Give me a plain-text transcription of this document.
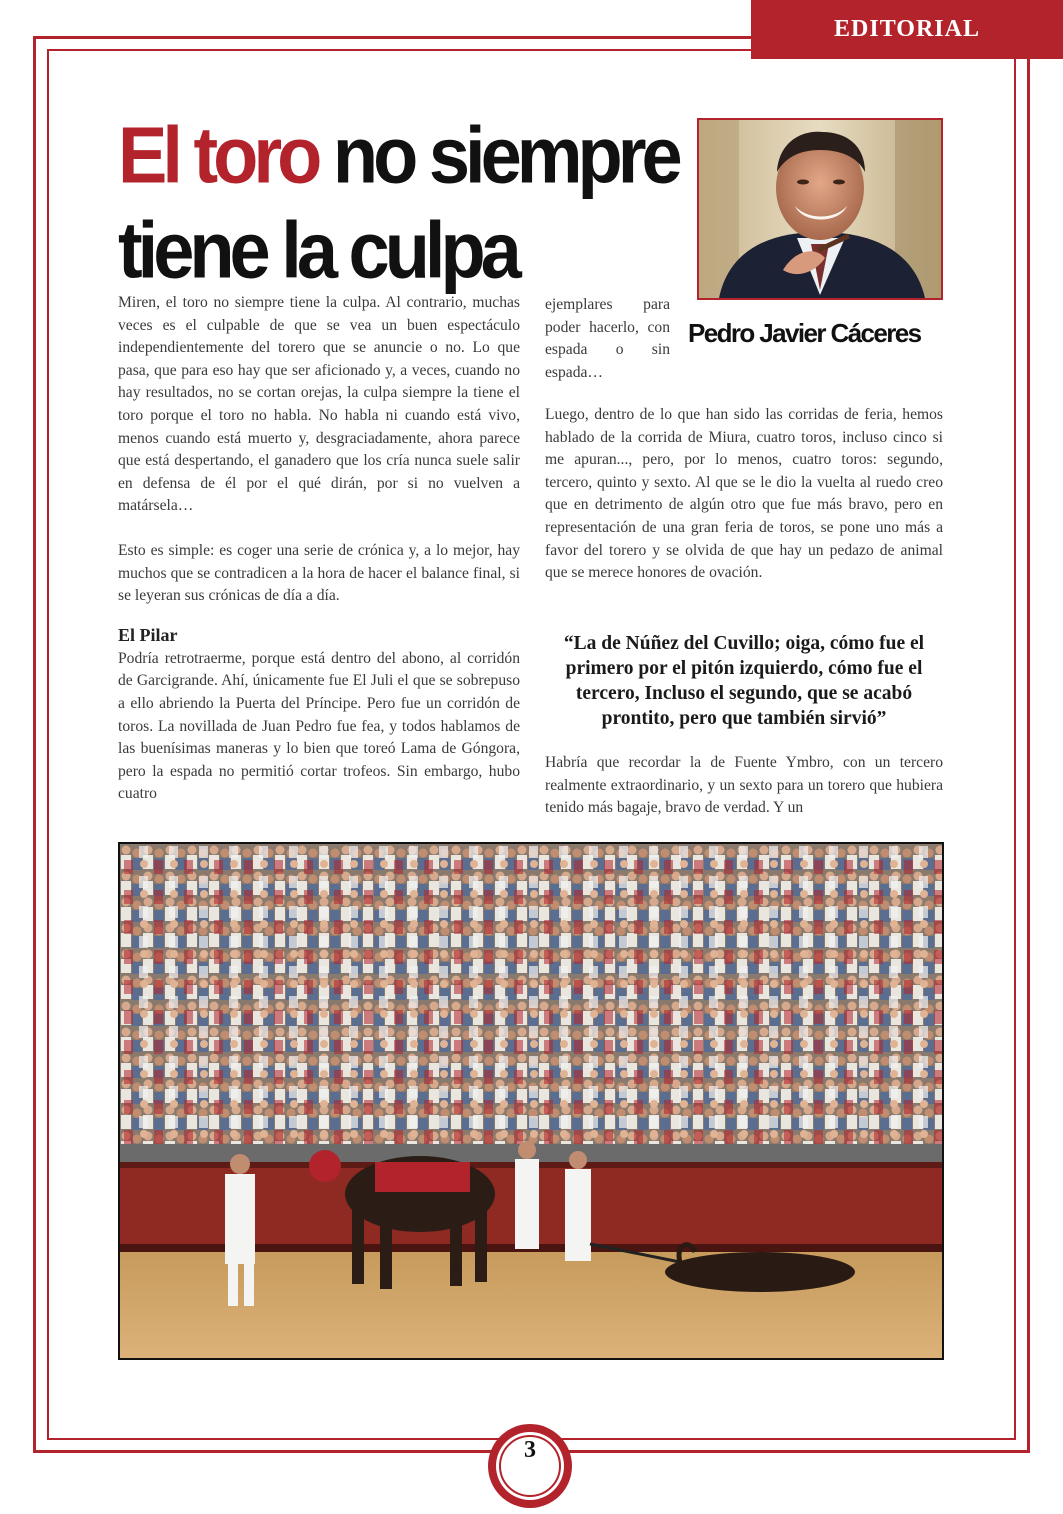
EDITORIAL
El toro no siempre tiene la culpa
Pedro Javier Cáceres

Miren, el toro no siempre tiene la culpa. Al contrario, muchas veces es el culpable de que se vea un buen espectáculo independientemente del torero que se anuncie o no. Lo que pasa, que para eso hay que ser aficionado y, a veces, cuando no hay resultados, no se cortan orejas, la culpa siempre la tiene el toro porque el toro no habla. No habla ni cuando está vivo, menos cuando está muerto y, desgraciadamente, ahora parece que está despertando, el ganadero que los cría nunca suele salir en defensa de él por el qué dirán, por si no vuelven a matársela…

Esto es simple: es coger una serie de crónica y, a lo mejor, hay muchos que se contradicen a la hora de hacer el balance final, si se leyeran sus crónicas de día a día.

El Pilar

Podría retrotraerme, porque está dentro del abono, al corridón de Garcigrande. Ahí, únicamente fue El Juli el que se sobrepuso a ello abriendo la Puerta del Príncipe. Pero fue un corridón de toros. La novillada de Juan Pedro fue fea, y todos hablamos de las buenísimas maneras y lo bien que toreó Lama de Góngora, pero la espada no permitió cortar trofeos. Sin embargo, hubo cuatro

ejemplares para poder hacerlo, con espada o sin espada…

Luego, dentro de lo que han sido las corridas de feria, hemos hablado de la corrida de Miura, cuatro toros, incluso cinco si me apuran..., pero, por lo menos, cuatro toros: segundo, tercero, quinto y sexto. Al que se le dio la vuelta al ruedo creo que en detrimento de algún otro que fue más bravo, pero en representación de una gran feria de toros, se pone uno más a favor del torero y se olvida de que hay un pedazo de animal que se merece honores de ovación.

“La de Núñez del Cuvillo; oiga, cómo fue el primero por el pitón izquierdo, cómo fue el tercero, Incluso el segundo, que se acabó prontito, pero que también sirvió”

Habría que recordar la de Fuente Ymbro, con un tercero realmente extraordinario, y un sexto para un torero que hubiera tenido más bagaje, bravo de verdad. Y un

3
